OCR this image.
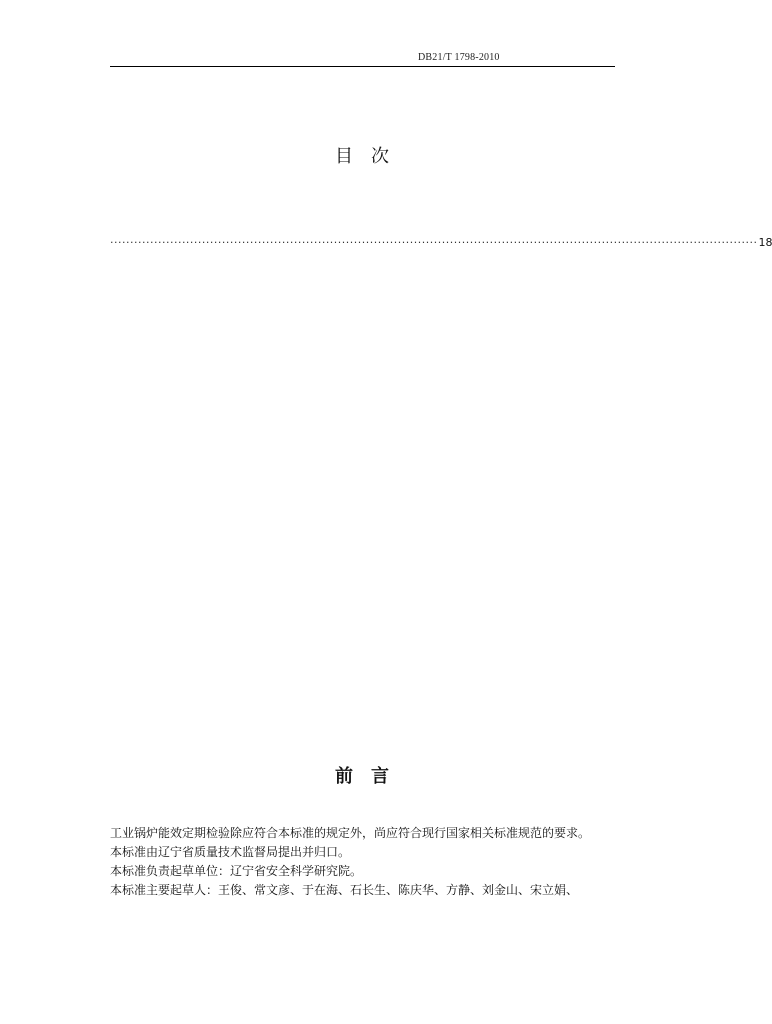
DB21/T 1798-2010
目次
·································································································································································· 18
前言

工业锅炉能效定期检验除应符合本标准的规定外，尚应符合现行国家相关标准规范的要求。

本标准由辽宁省质量技术监督局提出并归口。

本标准负责起草单位：辽宁省安全科学研究院。

本标准主要起草人：王俊、常文彦、于在海、石长生、陈庆华、方静、刘金山、宋立娟、
